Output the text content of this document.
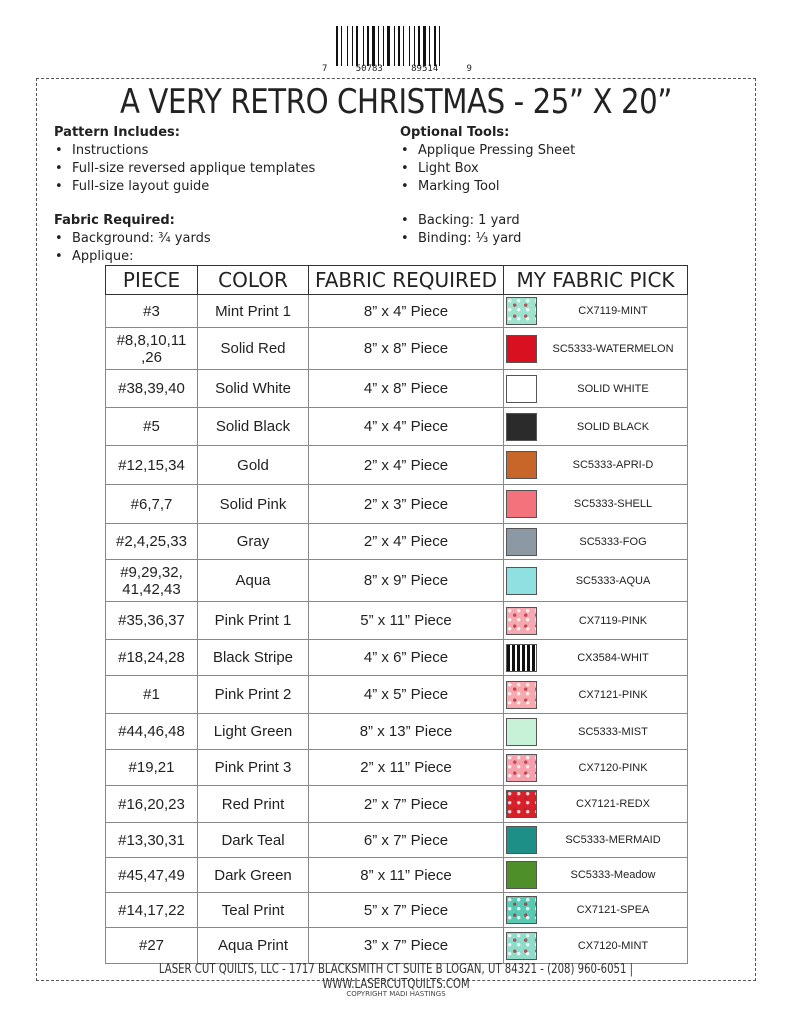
7	50783	89514	9
A VERY RETRO CHRISTMAS - 25” X 20”
Pattern Includes:
• Instructions
• Full-size reversed applique templates
• Full-size layout guide
Fabric Required:
• Background: ¾ yards
• Applique:
Optional Tools:
• Applique Pressing Sheet
• Light Box
• Marking Tool
• Backing: 1 yard
• Binding: ⅓ yard
PIECE	COLOR	FABRIC REQUIRED	MY FABRIC PICK
#3	Mint Print 1	8” x 4” Piece	CX7119-MINT

#8,8,10,11 ,26	Solid Red	8” x 8” Piece	SC5333-WATERMELON

#38,39,40	Solid White	4” x 8” Piece	SOLID WHITE

#5	Solid Black	4” x 4” Piece	SOLID BLACK

#12,15,34	Gold	2” x 4” Piece	SC5333-APRI-D

#6,7,7	Solid Pink	2” x 3” Piece	SC5333-SHELL

#2,4,25,33	Gray	2” x 4” Piece	SC5333-FOG

#9,29,32, 41,42,43	Aqua	8” x 9” Piece	SC5333-AQUA

#35,36,37	Pink Print 1	5” x 11” Piece	CX7119-PINK

#18,24,28	Black Stripe	4” x 6” Piece	CX3584-WHIT

#1	Pink Print 2	4” x 5” Piece	CX7121-PINK

#44,46,48	Light Green	8” x 13” Piece	SC5333-MIST

#19,21	Pink Print 3	2” x 11” Piece	CX7120-PINK

#16,20,23	Red Print	2” x 7” Piece	CX7121-REDX

#13,30,31	Dark Teal	6” x 7” Piece	SC5333-MERMAID

#45,47,49	Dark Green	8” x 11” Piece	SC5333-Meadow

#14,17,22	Teal Print	5” x 7” Piece	CX7121-SPEA

#27	Aqua Print	3” x 7” Piece	CX7120-MINT
LASER CUT QUILTS, LLC - 1717 BLACKSMITH CT SUITE B LOGAN, UT 84321 - (208) 960-6051 | WWW.LASERCUTQUILTS.COM
COPYRIGHT MADI HASTINGS
